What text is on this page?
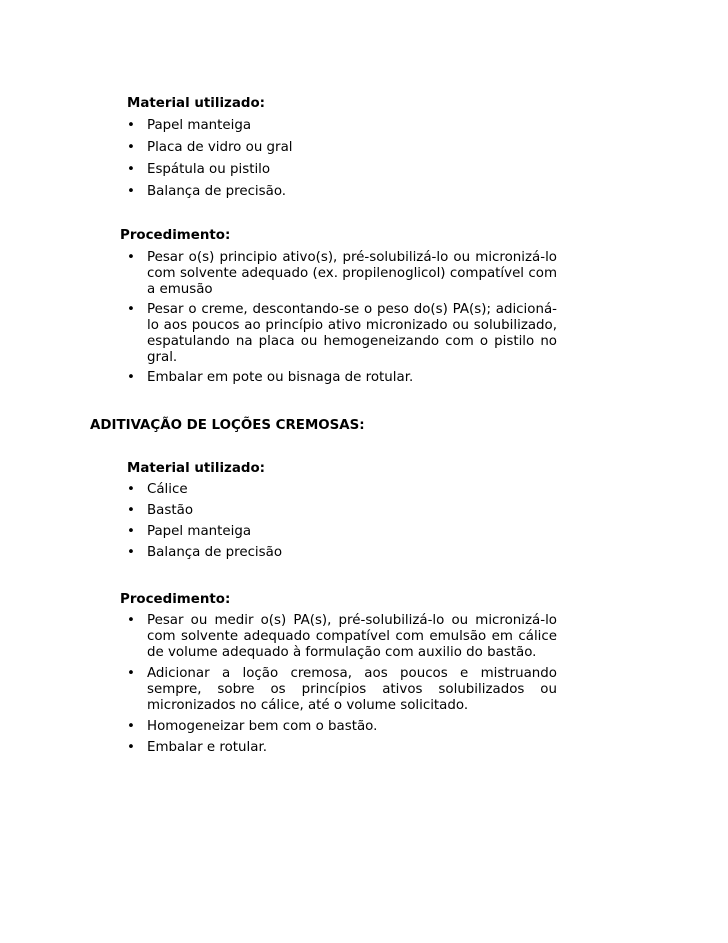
Material utilizado:
• Papel manteiga
• Placa de vidro ou gral
• Espátula ou pistilo
• Balança de precisão.
Procedimento:
• Pesar o(s) principio ativo(s), pré-solubilizá-lo ou micronizá-lo com solvente adequado (ex. propilenoglicol) compatível com a emusão
• Pesar o creme, descontando-se o peso do(s) PA(s); adicioná-lo aos poucos ao princípio ativo micronizado ou solubilizado, espatulando na placa ou hemogeneizando com o pistilo no gral.
• Embalar em pote ou bisnaga de rotular.
ADITIVAÇÃO DE LOÇÕES CREMOSAS:
Material utilizado:
• Cálice
• Bastão
• Papel manteiga
• Balança de precisão
Procedimento:
• Pesar ou medir o(s) PA(s), pré-solubilizá-lo ou micronizá-lo com solvente adequado compatível com emulsão em cálice de volume adequado à formulação com auxilio do bastão.
• Adicionar a loção cremosa, aos poucos e mistruando sempre, sobre os princípios ativos solubilizados ou micronizados no cálice, até o volume solicitado.
• Homogeneizar bem com o bastão.
• Embalar e rotular.
